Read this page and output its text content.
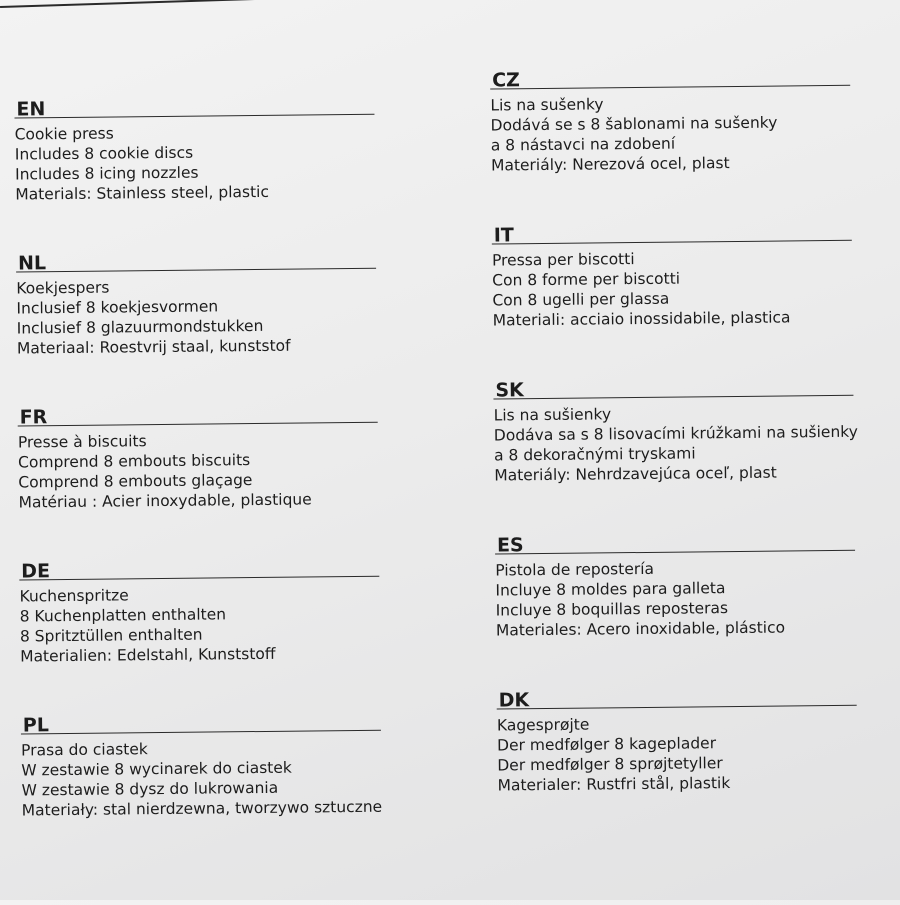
EN
Cookie press
Includes 8 cookie discs
Includes 8 icing nozzles
Materials: Stainless steel, plastic
NL
Koekjespers
Inclusief 8 koekjesvormen
Inclusief 8 glazuurmondstukken
Materiaal: Roestvrij staal, kunststof
FR
Presse à biscuits
Comprend 8 embouts biscuits
Comprend 8 embouts glaçage
Matériau : Acier inoxydable, plastique
DE
Kuchenspritze
8 Kuchenplatten enthalten
8 Spritztüllen enthalten
Materialien: Edelstahl, Kunststoff
PL
Prasa do ciastek
W zestawie 8 wycinarek do ciastek
W zestawie 8 dysz do lukrowania
Materiały: stal nierdzewna, tworzywo sztuczne
CZ
Lis na sušenky
Dodává se s 8 šablonami na sušenky
a 8 nástavci na zdobení
Materiály: Nerezová ocel, plast
IT
Pressa per biscotti
Con 8 forme per biscotti
Con 8 ugelli per glassa
Materiali: acciaio inossidabile, plastica
SK
Lis na sušienky
Dodáva sa s 8 lisovacími krúžkami na sušienky
a 8 dekoračnými tryskami
Materiály: Nehrdzavejúca oceľ, plast
ES
Pistola de repostería
Incluye 8 moldes para galleta
Incluye 8 boquillas reposteras
Materiales: Acero inoxidable, plástico
DK
Kagesprøjte
Der medfølger 8 kageplader
Der medfølger 8 sprøjtetyller
Materialer: Rustfri stål, plastik
